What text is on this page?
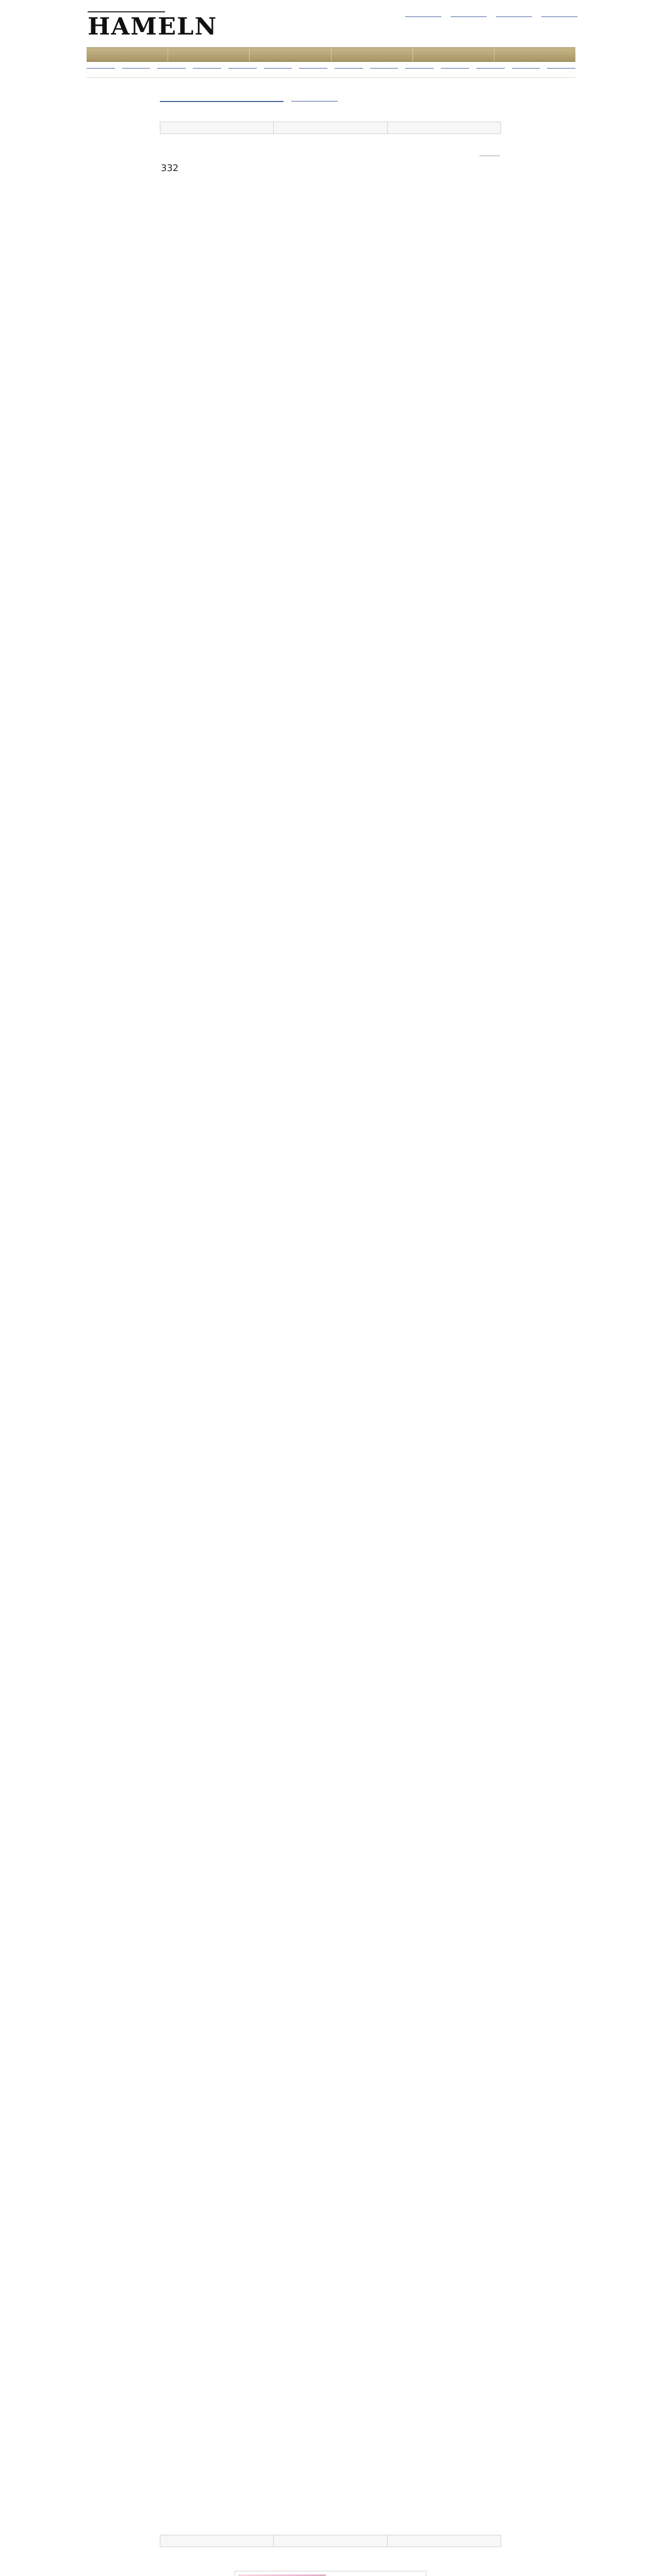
HAMELN
332
